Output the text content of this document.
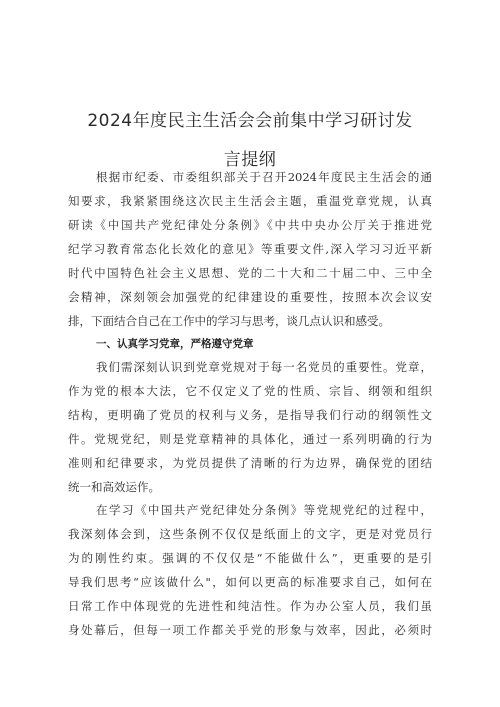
2024年度民主生活会会前集中学习研讨发
言提纲
根据市纪委、市委组织部关于召开2024年度民主生活会的通
知要求，我紧紧围绕这次民主生活会主题，重温党章党规，认真
研读《中国共产党纪律处分条例》《中共中央办公厅关于推进党
纪学习教育常态化长效化的意见》等重要文件,深入学习习近平新
时代中国特色社会主义思想、党的二十大和二十届二中、三中全
会精神，深刻领会加强党的纪律建设的重要性，按照本次会议安
排，下面结合自己在工作中的学习与思考，谈几点认识和感受。
一、认真学习党章，严格遵守党章
我们需深刻认识到党章党规对于每一名党员的重要性。党章，
作为党的根本大法，它不仅定义了党的性质、宗旨、纲领和组织
结构，更明确了党员的权利与义务，是指导我们行动的纲领性文
件。党规党纪，则是党章精神的具体化，通过一系列明确的行为
准则和纪律要求，为党员提供了清晰的行为边界，确保党的团结
统一和高效运作。
在学习《中国共产党纪律处分条例》等党规党纪的过程中，
我深刻体会到，这些条例不仅仅是纸面上的文字，更是对党员行
为的刚性约束。强调的不仅仅是“不能做什么”，更重要的是引
导我们思考“应该做什么"，如何以更高的标准要求自己，如何在
日常工作中体现党的先进性和纯洁性。作为办公室人员，我们虽
身处幕后，但每一项工作都关乎党的形象与效率，因此，必须时
